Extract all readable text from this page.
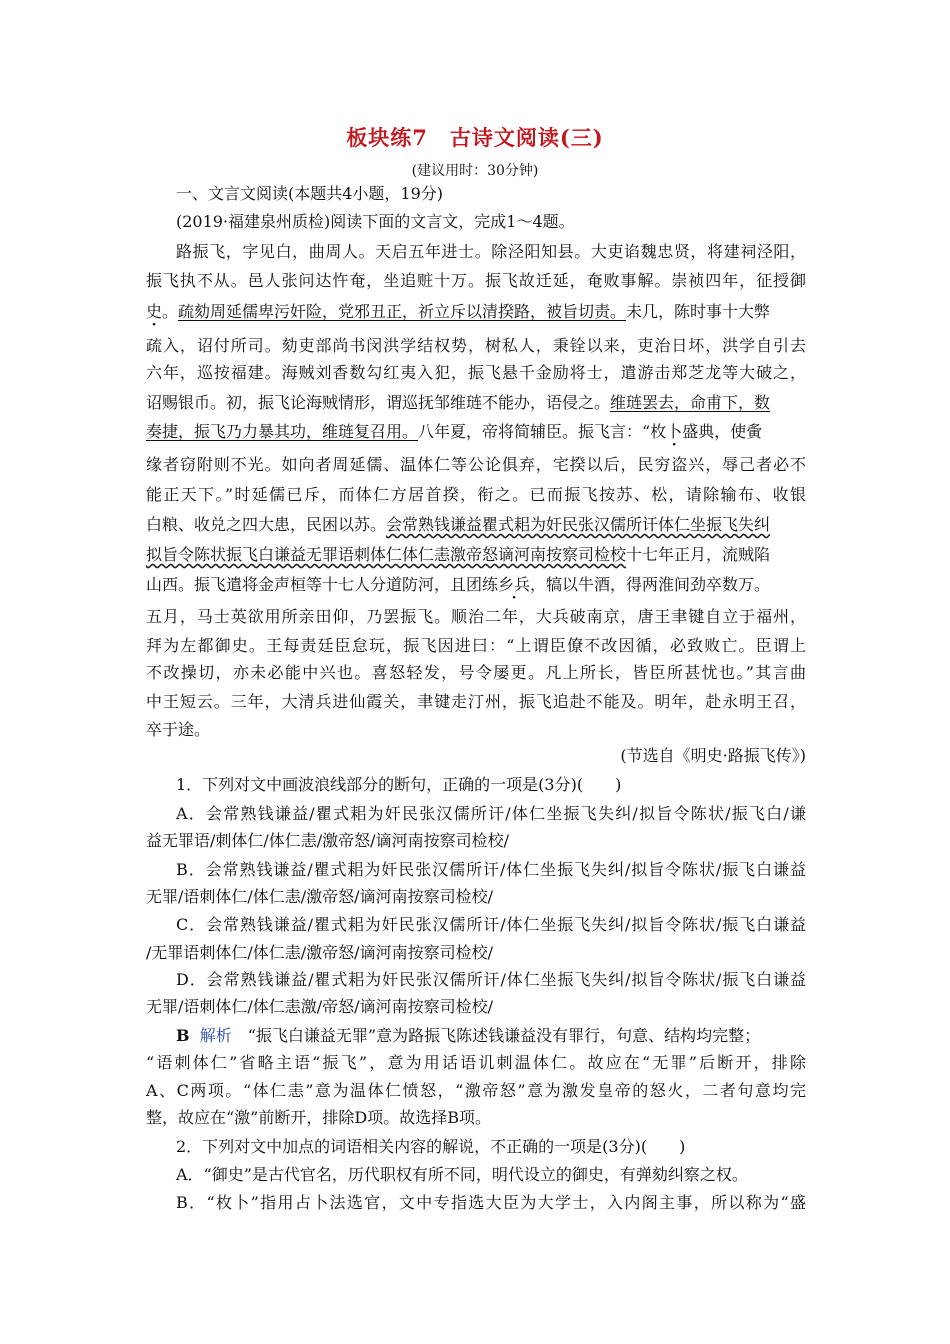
板块练7　古诗文阅读(三)
(建议用时：30分钟)
一、文言文阅读(本题共4小题，19分)
(2019·福建泉州质检)阅读下面的文言文，完成1～4题。
路振飞，字见白，曲周人。天启五年进士。除泾阳知县。大吏谄魏忠贤，将建祠泾阳，
振飞执不从。邑人张问达忤奄，坐追赃十万。振飞故迁延，奄败事解。崇祯四年，征授御
史。疏劾周延儒卑污奸险，党邪丑正，祈立斥以清揆路，被旨切责。未几，陈时事十大弊
疏入，诏付所司。劾吏部尚书闵洪学结权势，树私人，秉铨以来，吏治日坏，洪学自引去
六年，巡按福建。海贼刘香数勾红夷入犯，振飞悬千金励将士，遣游击郑芝龙等大破之，
诏赐银币。初，振飞论海贼情形，谓巡抚邹维琏不能办，语侵之。维琏罢去，命甫下，数
奏捷，振飞乃力暴其功，维琏复召用。八年夏，帝将简辅臣。振飞言：“枚卜盛典，使夤
缘者窃附则不光。如向者周延儒、温体仁等公论俱弃，宅揆以后，民穷盗兴，辱己者必不
能正天下。”时延儒已斥，而体仁方居首揆，衔之。已而振飞按苏、松，请除输布、收银
白粮、收兑之四大患，民困以苏。会常熟钱谦益瞿式耜为奸民张汉儒所讦体仁坐振飞失纠
拟旨令陈状振飞白谦益无罪语刺体仁体仁恚激帝怒谪河南按察司检校十七年正月，流贼陷
山西。振飞遣将金声桓等十七人分道防河，且团练乡兵，犒以牛酒，得两淮间劲卒数万。
五月，马士英欲用所亲田仰，乃罢振飞。顺治二年，大兵破南京，唐王聿键自立于福州，
拜为左都御史。王每责廷臣怠玩，振飞因进曰：“上谓臣僚不改因循，必致败亡。臣谓上
不改操切，亦未必能中兴也。喜怒轻发，号令屡更。凡上所长，皆臣所甚忧也。”其言曲
中王短云。三年，大清兵进仙霞关，聿键走汀州，振飞追赴不能及。明年，赴永明王召，
卒于途。
(节选自《明史·路振飞传》)
1．下列对文中画波浪线部分的断句，正确的一项是(3分)(　　)
A．会常熟钱谦益/瞿式耜为奸民张汉儒所讦/体仁坐振飞失纠/拟旨令陈状/振飞白/谦
益无罪语/刺体仁/体仁恚/激帝怒/谪河南按察司检校/
B．会常熟钱谦益/瞿式耜为奸民张汉儒所讦/体仁坐振飞失纠/拟旨令陈状/振飞白谦益
无罪/语刺体仁/体仁恚/激帝怒/谪河南按察司检校/
C．会常熟钱谦益/瞿式耜为奸民张汉儒所讦/体仁坐振飞失纠/拟旨令陈状/振飞白谦益
/无罪语刺体仁/体仁恚/激帝怒/谪河南按察司检校/
D．会常熟钱谦益/瞿式耜为奸民张汉儒所讦/体仁坐振飞失纠/拟旨令陈状/振飞白谦益
无罪/语刺体仁/体仁恚激/帝怒/谪河南按察司检校/
B 解析　“振飞白谦益无罪”意为路振飞陈述钱谦益没有罪行，句意、结构均完整；
“语刺体仁”省略主语“振飞”，意为用话语讥刺温体仁。故应在“无罪”后断开，排除
A、C两项。“体仁恚”意为温体仁愤怒，“激帝怒”意为激发皇帝的怒火，二者句意均完
整，故应在“激”前断开，排除D项。故选择B项。
2．下列对文中加点的词语相关内容的解说，不正确的一项是(3分)(　　)
A．“御史”是古代官名，历代职权有所不同，明代设立的御史，有弹劾纠察之权。
B．“枚卜”指用占卜法选官，文中专指选大臣为大学士，入内阁主事，所以称为“盛
